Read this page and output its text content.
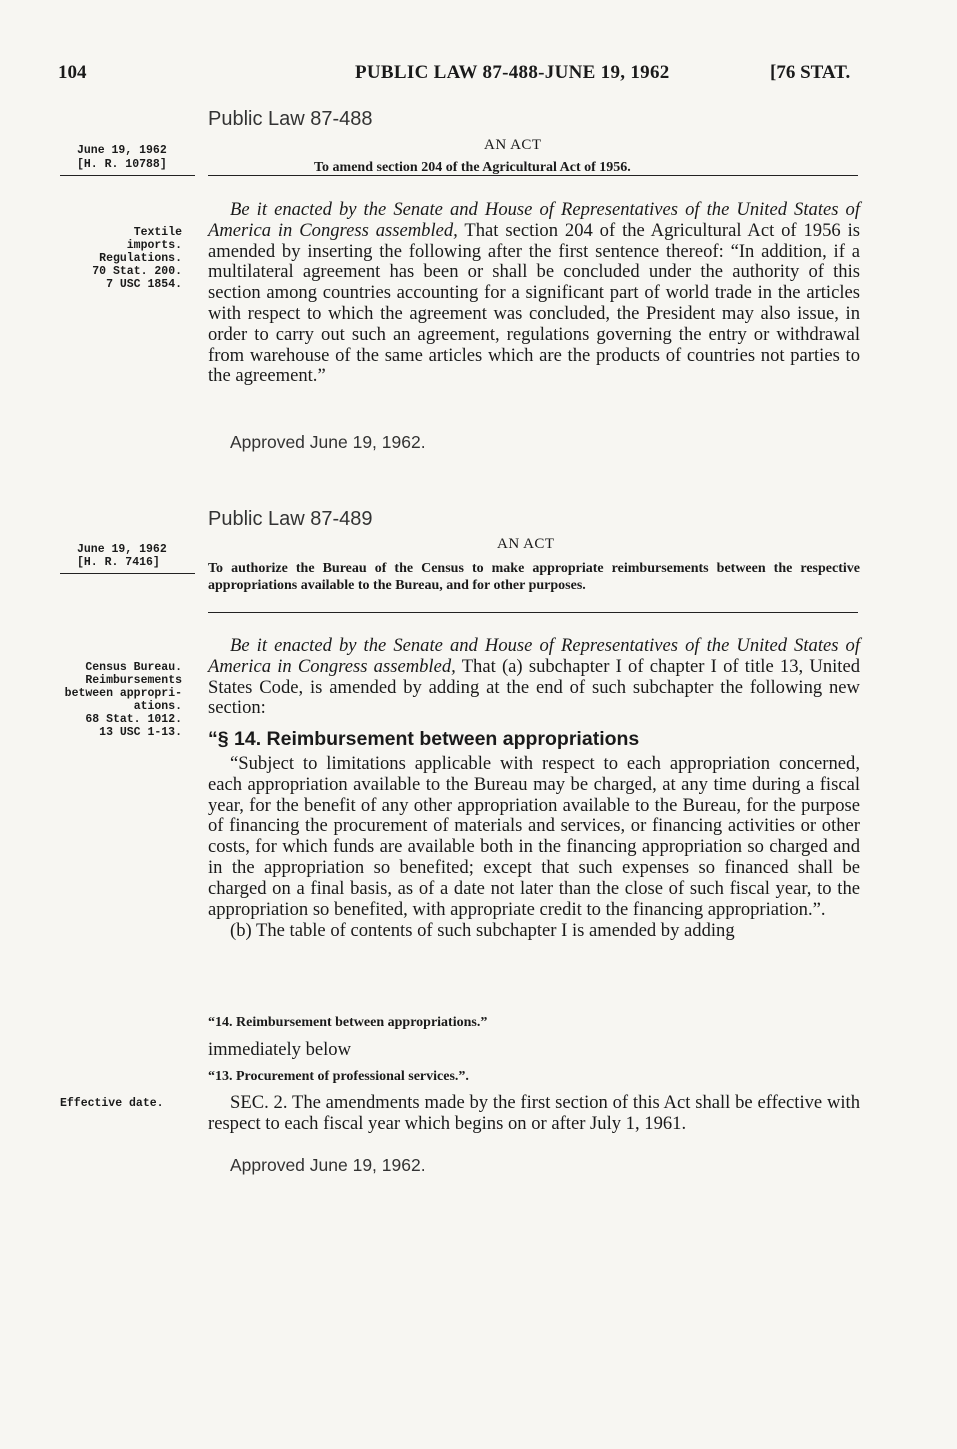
104	PUBLIC LAW 87-488-JUNE 19, 1962	[76 STAT.
Public Law 87-488
AN ACT
To amend section 204 of the Agricultural Act of 1956.
June 19, 1962
[H. R. 10788]
Textile imports.
Regulations.
70 Stat. 200.
7 USC 1854.

Be it enacted by the Senate and House of Representatives of the United States of America in Congress assembled, That section 204 of the Agricultural Act of 1956 is amended by inserting the following after the first sentence thereof: “In addition, if a multilateral agreement has been or shall be concluded under the authority of this section among countries accounting for a significant part of world trade in the articles with respect to which the agreement was concluded, the President may also issue, in order to carry out such an agreement, regulations governing the entry or withdrawal from warehouse of the same articles which are the products of countries not parties to the agreement.”

Approved June 19, 1962.
Public Law 87-489
AN ACT
To authorize the Bureau of the Census to make appropriate reimbursements between the respective appropriations available to the Bureau, and for other purposes.
June 19, 1962
[H. R. 7416]
Census Bureau.
Reimbursements
between appropri-
ations.
68 Stat. 1012.
13 USC 1-13.
Effective date.

Be it enacted by the Senate and House of Representatives of the United States of America in Congress assembled, That (a) subchapter I of chapter I of title 13, United States Code, is amended by adding at the end of such subchapter the following new section:

“§ 14. Reimbursement between appropriations

“Subject to limitations applicable with respect to each appropriation concerned, each appropriation available to the Bureau may be charged, at any time during a fiscal year, for the benefit of any other appropriation available to the Bureau, for the purpose of financing the procurement of materials and services, or financing activities or other costs, for which funds are available both in the financing appropriation so charged and in the appropriation so benefited; except that such expenses so financed shall be charged on a final basis, as of a date not later than the close of such fiscal year, to the appropriation so benefited, with appropriate credit to the financing appropriation.”.

(b) The table of contents of such subchapter I is amended by adding

“14. Reimbursement between appropriations.”
immediately below
“13. Procurement of professional services.”.

SEC. 2. The amendments made by the first section of this Act shall be effective with respect to each fiscal year which begins on or after July 1, 1961.

Approved June 19, 1962.
